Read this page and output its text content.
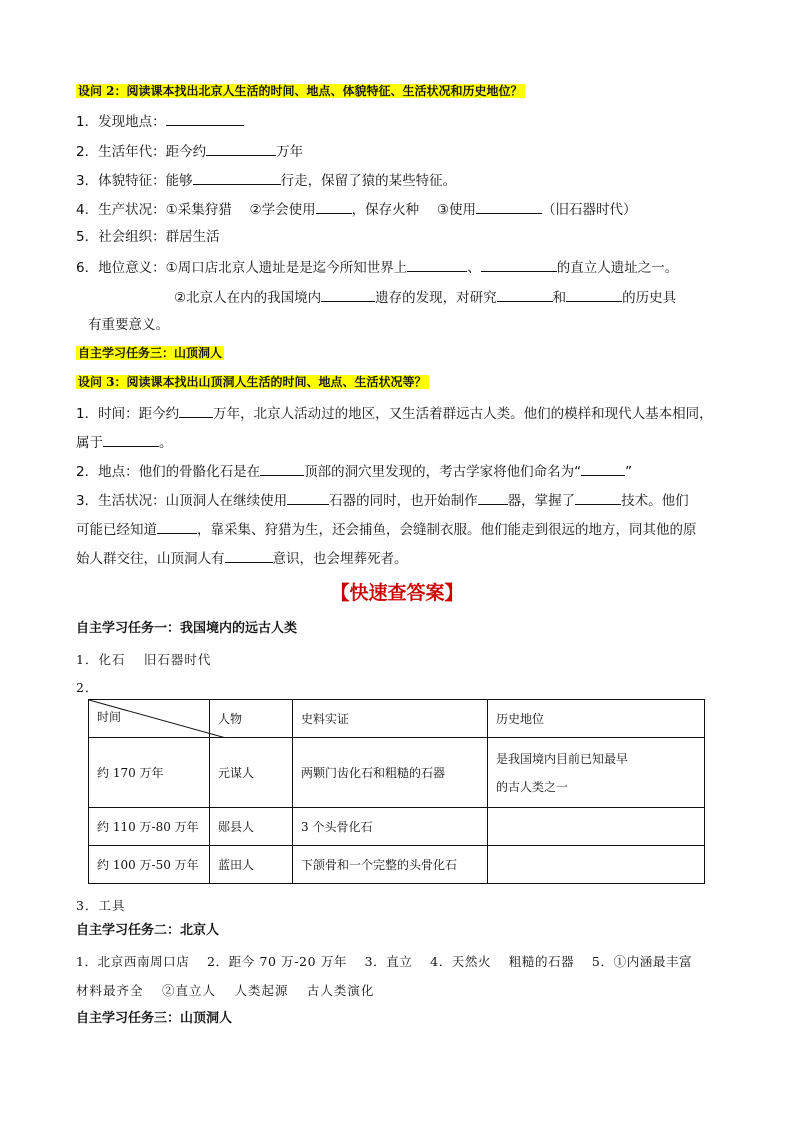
设问 2：阅读课本找出北京人生活的时间、地点、体貌特征、生活状况和历史地位？
1．发现地点：
2．生活年代：距今约	万年
3．体貌特征：能够	行走，保留了猿的某些特征。
4．生产状况：①采集狩猎 　②学会使用	，保存火种 　③使用	（旧石器时代）
5．社会组织：群居生活
6．地位意义：①周口店北京人遗址是是迄今所知世界上	、	的直立人遗址之一。
②北京人在内的我国境内	遗存的发现，对研究	和	的历史具
有重要意义。
自主学习任务三：山顶洞人
设问 3：阅读课本找出山顶洞人生活的时间、地点、生活状况等？
1．时间：距今约	万年，北京人活动过的地区，又生活着群远古人类。他们的模样和现代人基本相同，
属于	。
2．地点：他们的骨骼化石是在	顶部的洞穴里发现的，考古学家将他们命名为“	”
3．生活状况：山顶洞人在继续使用	石器的同时，也开始制作 器，掌握了	技术。他们
可能已经知道	，靠采集、狩猎为生，还会捕鱼，会缝制衣服。他们能走到很远的地方，同其他的原
始人群交往，山顶洞人有	意识，也会埋葬死者。
【快速查答案】
自主学习任务一：我国境内的远古人类
1．化石 　旧石器时代
2．
时间	人物	史料实证	历史地位
约 170 万年	元谋人	两颗门齿化石和粗糙的石器	是我国境内目前已知最早
的古人类之一

约 110 万-80 万年	郧县人	3 个头骨化石	
约 100 万-50 万年	蓝田人	下颌骨和一个完整的头骨化石	
3．工具
自主学习任务二：北京人
1．北京西南周口店 　2．距今 70 万-20 万年 　3．直立 　4．天然火 　粗糙的石器 　5．①内涵最丰富
材料最齐全 　②直立人 　人类起源 　古人类演化
自主学习任务三：山顶洞人
